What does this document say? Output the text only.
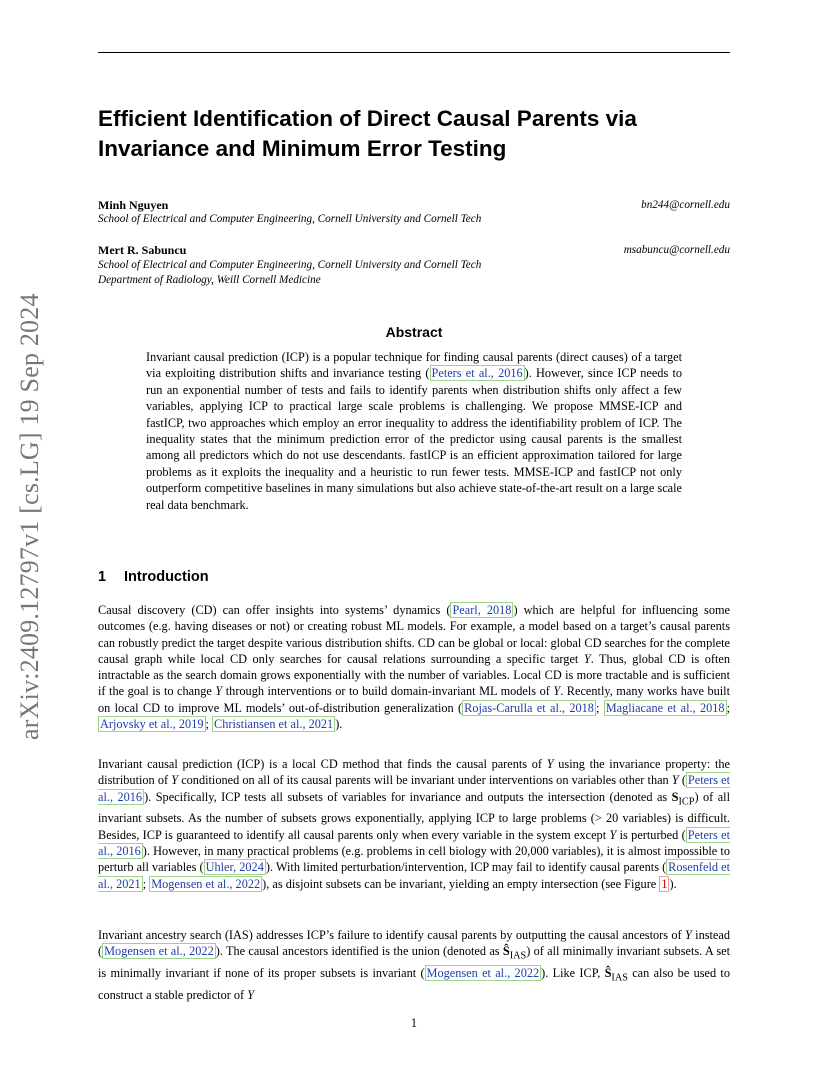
Efficient Identification of Direct Causal Parents via Invariance and Minimum Error Testing
Minh Nguyen	bn244@cornell.edu
School of Electrical and Computer Engineering, Cornell University and Cornell Tech
Mert R. Sabuncu	msabuncu@cornell.edu
School of Electrical and Computer Engineering, Cornell University and Cornell Tech
Department of Radiology, Weill Cornell Medicine
arXiv:2409.12797v1 [cs.LG] 19 Sep 2024	Abstract
Invariant causal prediction (ICP) is a popular technique for finding causal parents (direct causes) of a target via exploiting distribution shifts and invariance testing ( Peters et al., 2016 ). However, since ICP needs to run an exponential number of tests and fails to identify parents when distribution shifts only affect a few variables, applying ICP to practical large scale problems is challenging. We propose MMSE-ICP and fastICP, two approaches which employ an error inequality to address the identifiability problem of ICP. The inequality states that the minimum prediction error of the predictor using causal parents is the smallest among all predictors which do not use descendants. fastICP is an efficient approximation tailored for large problems as it exploits the inequality and a heuristic to run fewer tests. MMSE-ICP and fastICP not only outperform competitive baselines in many simulations but also achieve state-of-the-art result on a large scale real data benchmark.
1 Introduction
Causal discovery (CD) can offer insights into systems’ dynamics ( Pearl, 2018 ) which are helpful for influencing some outcomes (e.g. having diseases or not) or creating robust ML models. For example, a model based on a target’s causal parents can robustly predict the target despite various distribution shifts. CD can be global or local: global CD searches for the complete causal graph while local CD only searches for causal relations surrounding a specific target Y. Thus, global CD is often intractable as the search domain grows exponentially with the number of variables. Local CD is more tractable and is sufficient if the goal is to change Y through interventions or to build domain-invariant ML models of Y. Recently, many works have built on local CD to improve ML models’ out-of-distribution generalization ( Rojas-Carulla et al., 2018 ; Magliacane et al., 2018 ; Arjovsky et al., 2019 ; Christiansen et al., 2021 ).
Invariant causal prediction (ICP) is a local CD method that finds the causal parents of Y using the invariance property: the distribution of Y conditioned on all of its causal parents will be invariant under interventions on variables other than Y ( Peters et al., 2016 ). Specifically, ICP tests all subsets of variables for invariance and outputs the intersection (denoted as $S_{ICP}$) of all invariant subsets. As the number of subsets grows exponentially, applying ICP to large problems (> 20 variables) is difficult. Besides, ICP is guaranteed to identify all causal parents only when every variable in the system except Y is perturbed ( Peters et al., 2016 ). However, in many practical problems (e.g. problems in cell biology with 20,000 variables), it is almost impossible to perturb all variables ( Uhler, 2024 ). With limited perturbation/intervention, ICP may fail to identify causal parents ( Rosenfeld et al., 2021 ; Mogensen et al., 2022 ), as disjoint subsets can be invariant, yielding an empty intersection (see Figure 1 ).
Invariant ancestry search (IAS) addresses ICP’s failure to identify causal parents by outputting the causal ancestors of Y instead ( Mogensen et al., 2022 ). The causal ancestors identified is the union (denoted as $Ŝ_{IAS}$) of all minimally invariant subsets. A set is minimally invariant if none of its proper subsets is invariant ( Mogensen et al., 2022 ). Like ICP, $Ŝ_{IAS}$ can also be used to construct a stable predictor of Y
1
